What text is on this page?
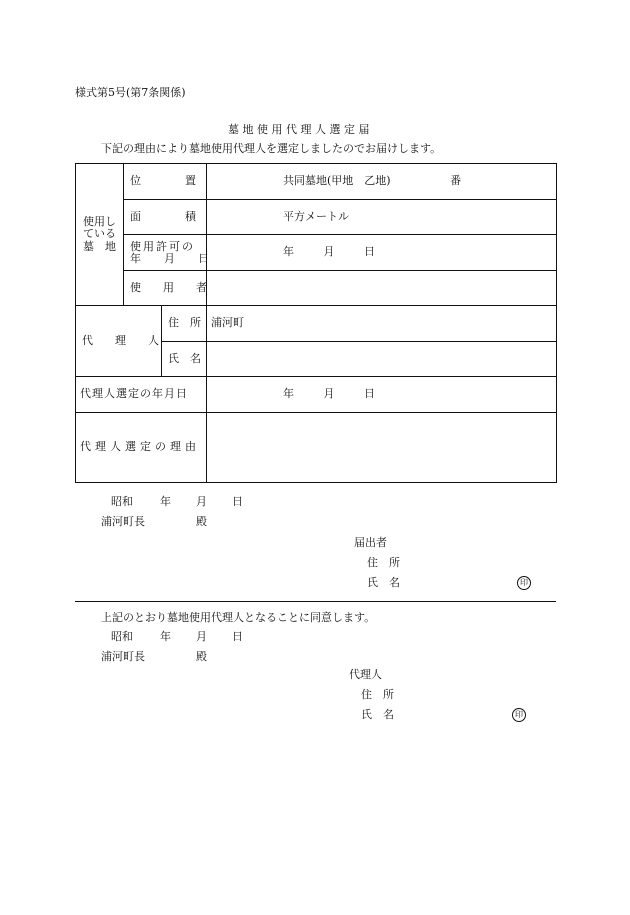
様式第5号(第7条関係)
墓 地 使 用 代 理 人 選 定 届
下記の理由により墓地使用代理人を選定しましたのでお届けします。
使用し
ている
墓　地	位　　　　置		共同墓地(甲地　乙地) 番

	面　　　　積		平方メートル

	使用許可の
年　月　日		年 月 日

	使　　用　　者		

代　　理　　人		住　所	浦河町

		氏　名	

代理人選定の年月日			年 月 日

代理人選定の理由			

昭和 年 月 日
浦河町長	殿
届出者
住　所
氏　名	印
上記のとおり墓地使用代理人となることに同意します。
昭和 年 月 日
浦河町長	殿
代理人
住　所
氏　名	印
